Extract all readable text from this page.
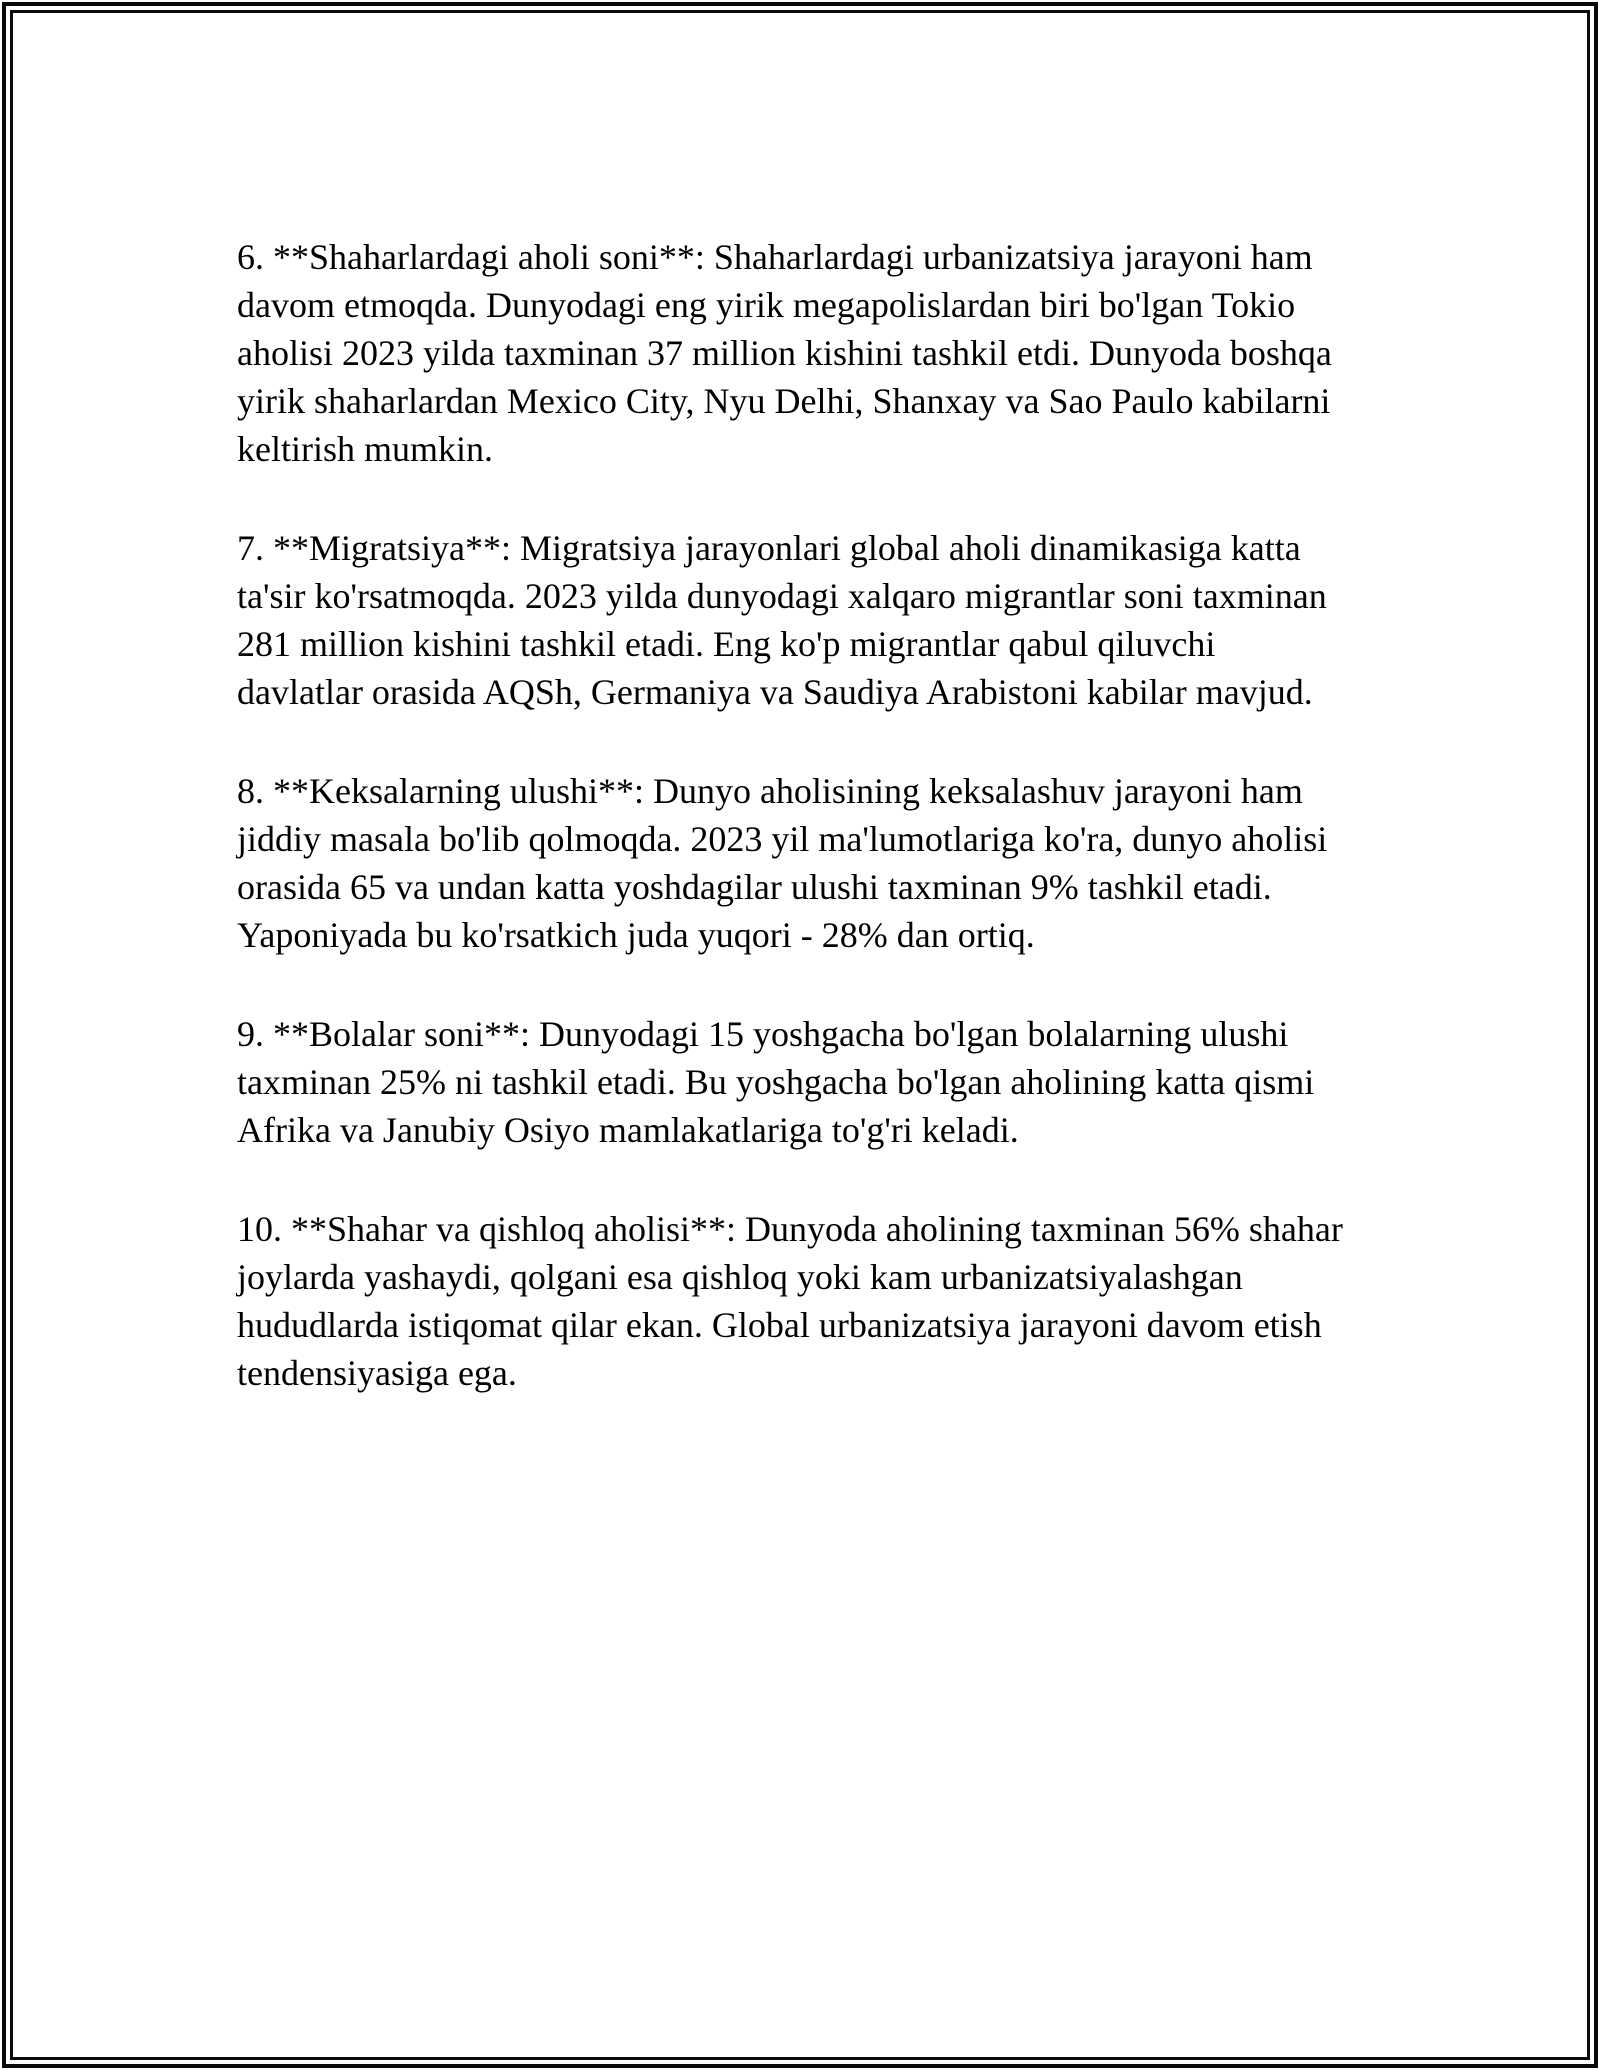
6. **Shaharlardagi aholi soni**: Shaharlardagi urbanizatsiya jarayoni ham
davom etmoqda. Dunyodagi eng yirik megapolislardan biri bo'lgan Tokio
aholisi 2023 yilda taxminan 37 million kishini tashkil etdi. Dunyoda boshqa
yirik shaharlardan Mexico City, Nyu Delhi, Shanxay va Sao Paulo kabilarni
keltirish mumkin.

7. **Migratsiya**: Migratsiya jarayonlari global aholi dinamikasiga katta
ta'sir ko'rsatmoqda. 2023 yilda dunyodagi xalqaro migrantlar soni taxminan
281 million kishini tashkil etadi. Eng ko'p migrantlar qabul qiluvchi
davlatlar orasida AQSh, Germaniya va Saudiya Arabistoni kabilar mavjud.

8. **Keksalarning ulushi**: Dunyo aholisining keksalashuv jarayoni ham
jiddiy masala bo'lib qolmoqda. 2023 yil ma'lumotlariga ko'ra, dunyo aholisi
orasida 65 va undan katta yoshdagilar ulushi taxminan 9% tashkil etadi.
Yaponiyada bu ko'rsatkich juda yuqori - 28% dan ortiq.

9. **Bolalar soni**: Dunyodagi 15 yoshgacha bo'lgan bolalarning ulushi
taxminan 25% ni tashkil etadi. Bu yoshgacha bo'lgan aholining katta qismi
Afrika va Janubiy Osiyo mamlakatlariga to'g'ri keladi.

10. **Shahar va qishloq aholisi**: Dunyoda aholining taxminan 56% shahar
joylarda yashaydi, qolgani esa qishloq yoki kam urbanizatsiyalashgan
hududlarda istiqomat qilar ekan. Global urbanizatsiya jarayoni davom etish
tendensiyasiga ega.
